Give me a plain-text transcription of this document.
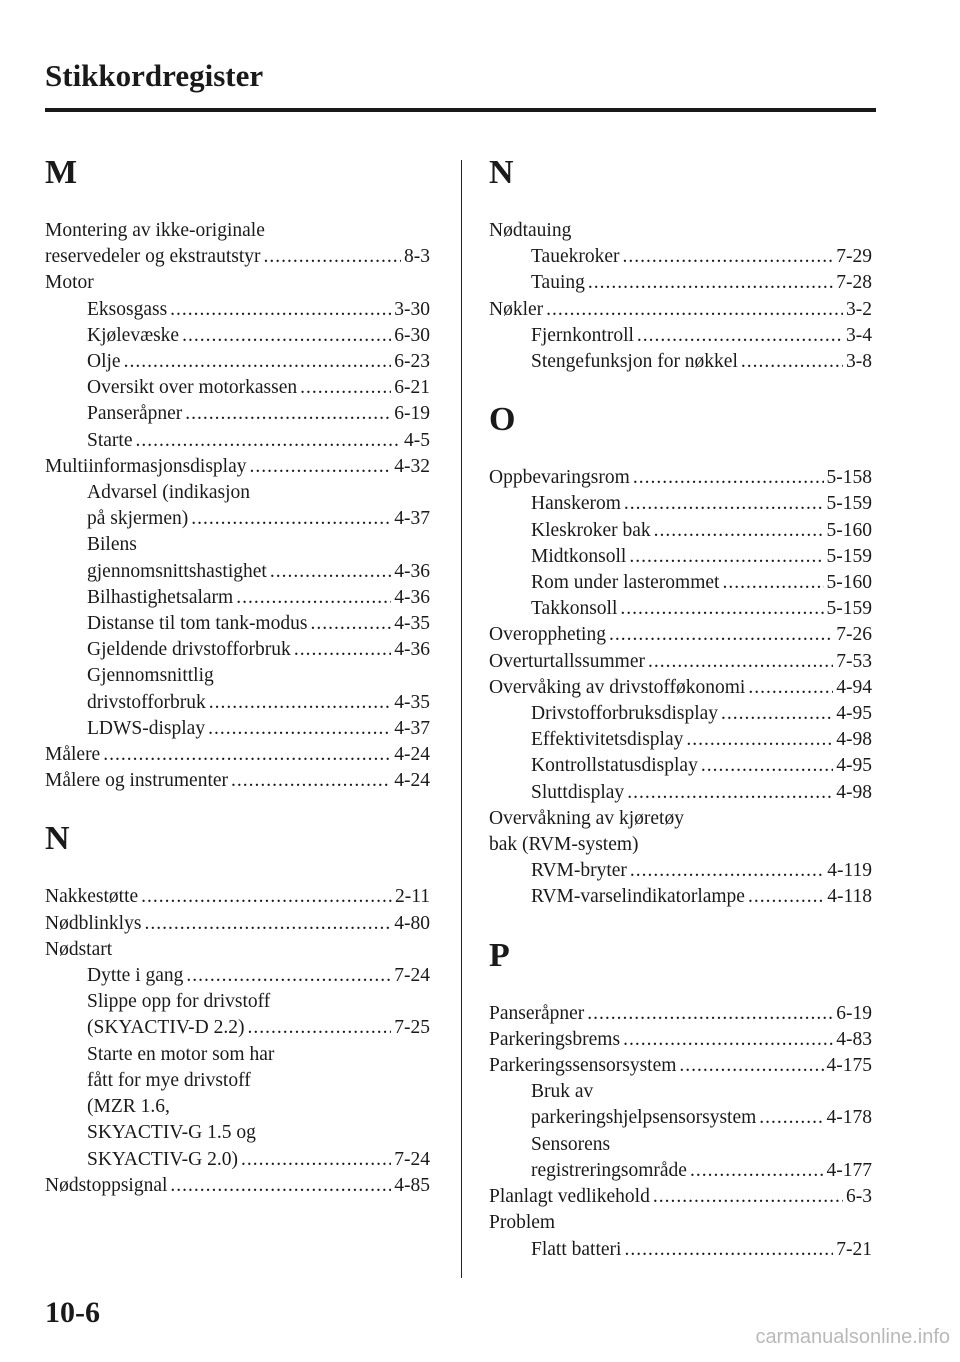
Stikkordregister
M
Montering av ikke-originale
reservedeler og ekstrautstyr .....	8-3
Motor
Eksosgass .....	3-30
Kjølevæske .....	6-30
Olje .....	6-23
Oversikt over motorkassen .....	6-21
Panseråpner .....	6-19
Starte .....	4-5
Multiinformasjonsdisplay .....	4-32
Advarsel (indikasjon
på skjermen) .....	4-37
Bilens
gjennomsnittshastighet .....	4-36
Bilhastighetsalarm .....	4-36
Distanse til tom tank-modus .....	4-35
Gjeldende drivstofforbruk .....	4-36
Gjennomsnittlig
drivstofforbruk .....	4-35
LDWS-display .....	4-37
Målere .....	4-24
Målere og instrumenter .....	4-24
N
Nakkestøtte .....	2-11
Nødblinklys .....	4-80
Nødstart
Dytte i gang .....	7-24
Slippe opp for drivstoff
(SKYACTIV-D 2.2) .....	7-25
Starte en motor som har
fått for mye drivstoff
(MZR 1.6,
SKYACTIV-G 1.5 og
SKYACTIV-G 2.0) .....	7-24
Nødstoppsignal .....	4-85
N
Nødtauing
Tauekroker .....	7-29
Tauing .....	7-28
Nøkler .....	3-2
Fjernkontroll .....	3-4
Stengefunksjon for nøkkel .....	3-8
O
Oppbevaringsrom .....	5-158
Hanskerom .....	5-159
Kleskroker bak .....	5-160
Midtkonsoll .....	5-159
Rom under lasterommet .....	5-160
Takkonsoll .....	5-159
Overoppheting .....	7-26
Overturtallssummer .....	7-53
Overvåking av drivstofføkonomi .....	4-94
Drivstofforbruksdisplay .....	4-95
Effektivitetsdisplay .....	4-98
Kontrollstatusdisplay .....	4-95
Sluttdisplay .....	4-98
Overvåkning av kjøretøy
bak (RVM-system)
RVM-bryter .....	4-119
RVM-varselindikatorlampe .....	4-118
P
Panseråpner .....	6-19
Parkeringsbrems .....	4-83
Parkeringssensorsystem .....	4-175
Bruk av
parkeringshjelpsensorsystem .....	4-178
Sensorens
registreringsområde .....	4-177
Planlagt vedlikehold .....	6-3
Problem
Flatt batteri .....	7-21
10-6
carmanualsonline.info
